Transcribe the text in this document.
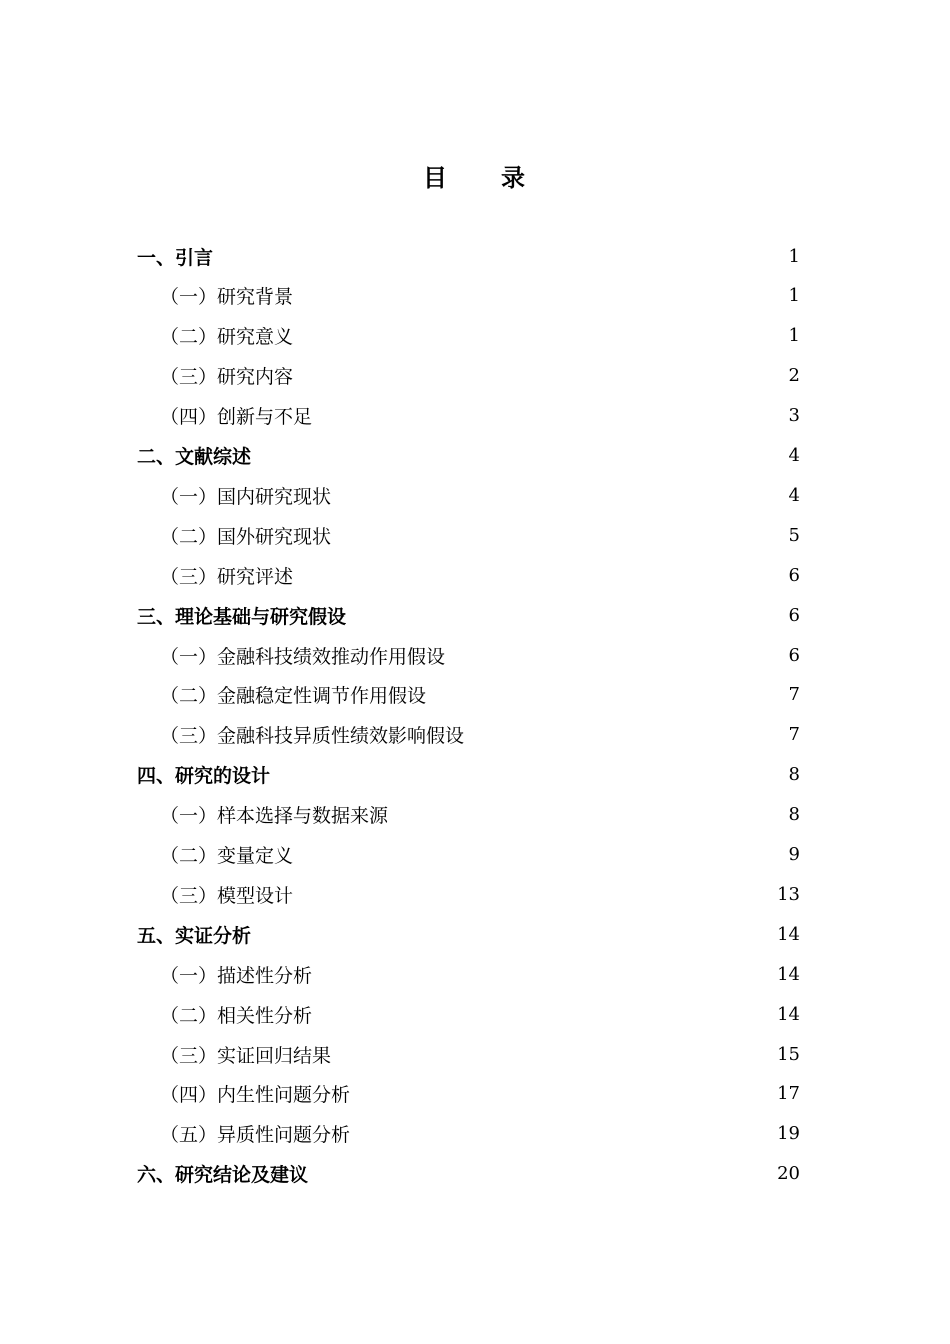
目 录
一、引言	1
（一）研究背景	1
（二）研究意义	1
（三）研究内容	2
（四）创新与不足	3
二、文献综述	4
（一）国内研究现状	4
（二）国外研究现状	5
（三）研究评述	6
三、理论基础与研究假设	6
（一）金融科技绩效推动作用假设	6
（二）金融稳定性调节作用假设	7
（三）金融科技异质性绩效影响假设	7
四、研究的设计	8
（一）样本选择与数据来源	8
（二）变量定义	9
（三）模型设计	13
五、实证分析	14
（一）描述性分析	14
（二）相关性分析	14
（三）实证回归结果	15
（四）内生性问题分析	17
（五）异质性问题分析	19
六、研究结论及建议	20
